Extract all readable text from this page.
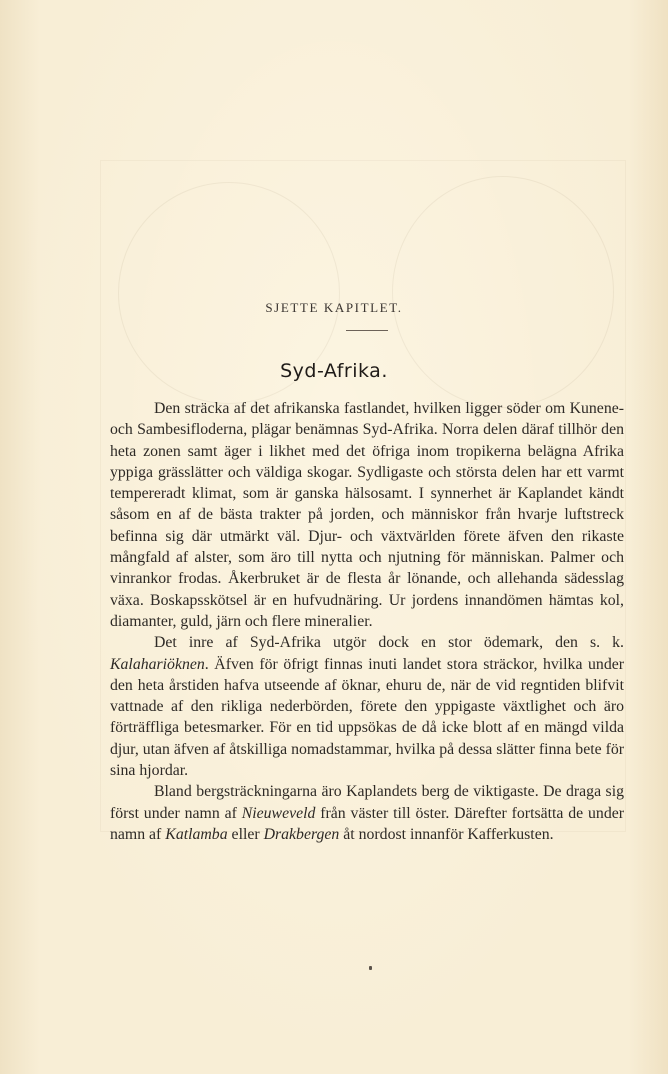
SJETTE KAPITLET.
Syd-Afrika.

Den sträcka af det afrikanska fastlandet, hvilken ligger söder om Kunene- och Sambesifloderna, plägar benämnas Syd-Afrika. Norra delen däraf tillhör den heta zonen samt äger i likhet med det öfriga inom tropikerna belägna Afrika yppiga grässlätter och väldiga skogar. Sydligaste och största delen har ett varmt tempereradt klimat, som är ganska hälsosamt. I synnerhet är Kaplandet kändt såsom en af de bästa trakter på jorden, och människor från hvarje luftstreck befinna sig där utmärkt väl. Djur- och växtvärlden förete äfven den rikaste mångfald af alster, som äro till nytta och njutning för människan. Palmer och vinrankor frodas. Åkerbruket är de flesta år lönande, och allehanda sädesslag växa. Boskapsskötsel är en hufvudnäring. Ur jordens innandömen hämtas kol, diamanter, guld, järn och flere mineralier.

Det inre af Syd-Afrika utgör dock en stor ödemark, den s. k. Kalahariöknen. Äfven för öfrigt finnas inuti landet stora sträckor, hvilka under den heta årstiden hafva utseende af öknar, ehuru de, när de vid regntiden blifvit vattnade af den rikliga nederbörden, förete den yppigaste växtlighet och äro förträffliga betesmarker. För en tid uppsökas de då icke blott af en mängd vilda djur, utan äfven af åtskilliga nomadstammar, hvilka på dessa slätter finna bete för sina hjordar.

Bland bergsträckningarna äro Kaplandets berg de viktigaste. De draga sig först under namn af Nieuweveld från väster till öster. Därefter fortsätta de under namn af Katlamba eller Drakbergen åt nordost innanför Kafferkusten.
